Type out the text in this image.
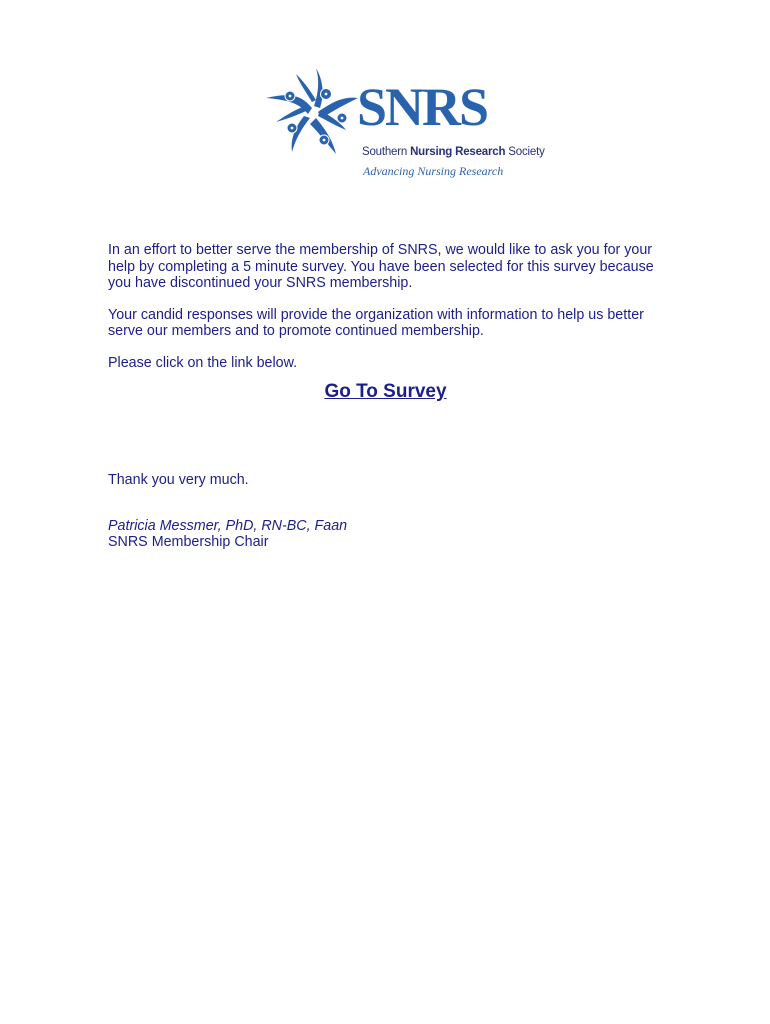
SNRS
Southern Nursing Research Society
Advancing Nursing Research

In an effort to better serve the membership of SNRS, we would like to ask you for your help by completing a 5 minute survey. You have been selected for this survey because you have discontinued your SNRS membership.

Your candid responses will provide the organization with information to help us better serve our members and to promote continued membership.

Please click on the link below.

Go To Survey

Thank you very much.

Patricia Messmer, PhD, RN-BC, Faan

SNRS Membership Chair
